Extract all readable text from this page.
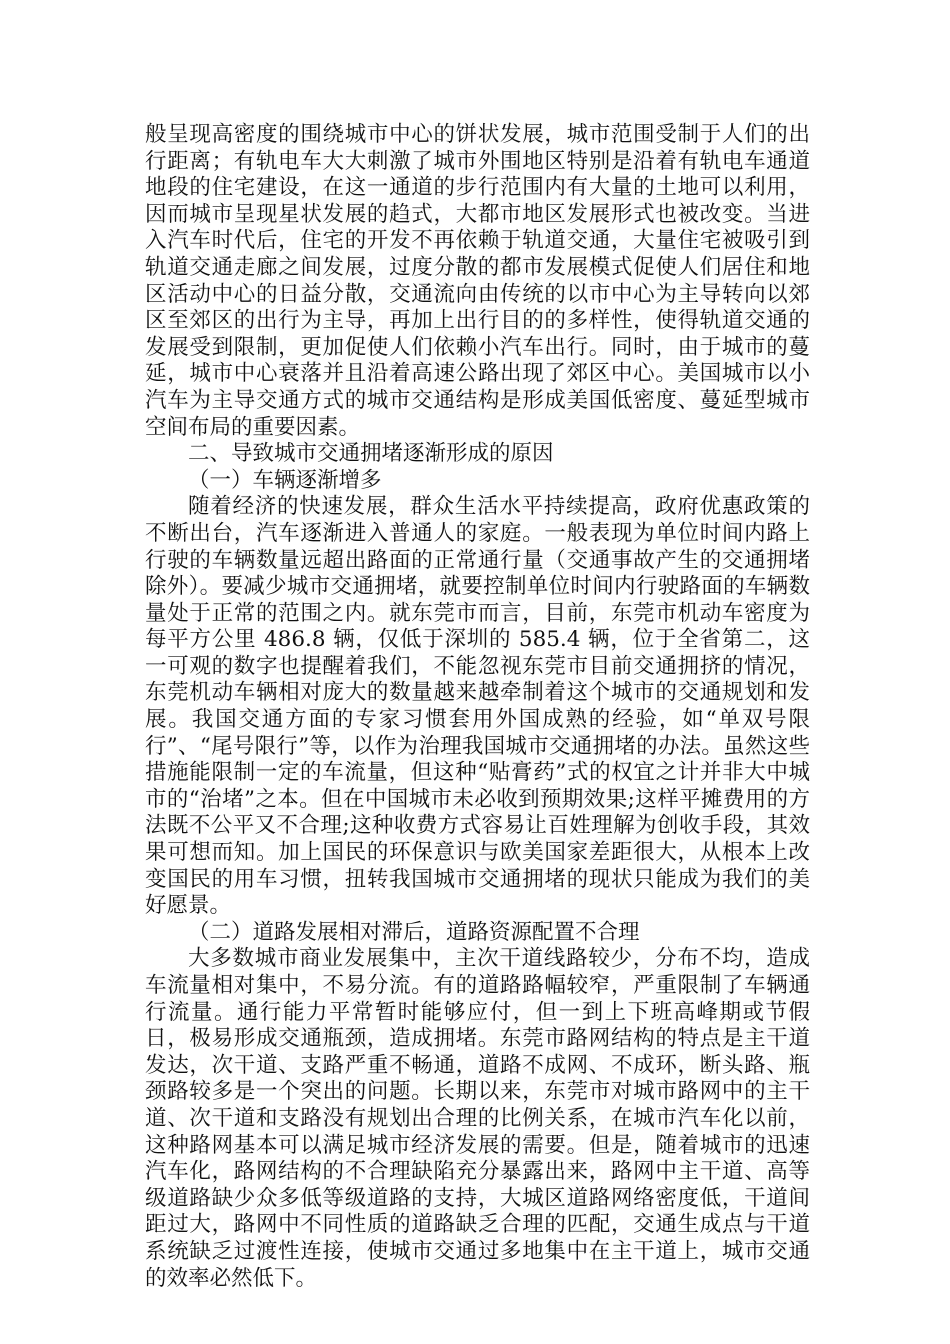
般呈现高密度的围绕城市中心的饼状发展，城市范围受制于人们的出行距离；有轨电车大大刺激了城市外围地区特别是沿着有轨电车通道地段的住宅建设，在这一通道的步行范围内有大量的土地可以利用，因而城市呈现星状发展的趋式，大都市地区发展形式也被改变。当进入汽车时代后，住宅的开发不再依赖于轨道交通，大量住宅被吸引到轨道交通走廊之间发展，过度分散的都市发展模式促使人们居住和地区活动中心的日益分散，交通流向由传统的以市中心为主导转向以郊区至郊区的出行为主导，再加上出行目的的多样性，使得轨道交通的发展受到限制，更加促使人们依赖小汽车出行。同时，由于城市的蔓延，城市中心衰落并且沿着高速公路出现了郊区中心。美国城市以小汽车为主导交通方式的城市交通结构是形成美国低密度、蔓延型城市空间布局的重要因素。

二、导致城市交通拥堵逐渐形成的原因

（一）车辆逐渐增多

随着经济的快速发展，群众生活水平持续提高，政府优惠政策的不断出台，汽车逐渐进入普通人的家庭。一般表现为单位时间内路上行驶的车辆数量远超出路面的正常通行量（交通事故产生的交通拥堵除外）。要减少城市交通拥堵，就要控制单位时间内行驶路面的车辆数量处于正常的范围之内。就东莞市而言，目前，东莞市机动车密度为每平方公里 486.8 辆，仅低于深圳的 585.4 辆，位于全省第二，这一可观的数字也提醒着我们，不能忽视东莞市目前交通拥挤的情况，东莞机动车辆相对庞大的数量越来越牵制着这个城市的交通规划和发展。我国交通方面的专家习惯套用外国成熟的经验，如“单双号限行”、“尾号限行”等，以作为治理我国城市交通拥堵的办法。虽然这些措施能限制一定的车流量，但这种“贴膏药”式的权宜之计并非大中城市的“治堵”之本。但在中国城市未必收到预期效果;这样平摊费用的方法既不公平又不合理;这种收费方式容易让百姓理解为创收手段，其效果可想而知。加上国民的环保意识与欧美国家差距很大，从根本上改变国民的用车习惯，扭转我国城市交通拥堵的现状只能成为我们的美好愿景。

（二）道路发展相对滞后，道路资源配置不合理

大多数城市商业发展集中，主次干道线路较少，分布不均，造成车流量相对集中，不易分流。有的道路路幅较窄，严重限制了车辆通行流量。通行能力平常暂时能够应付，但一到上下班高峰期或节假日，极易形成交通瓶颈，造成拥堵。东莞市路网结构的特点是主干道发达，次干道、支路严重不畅通，道路不成网、不成环，断头路、瓶颈路较多是一个突出的问题。长期以来，东莞市对城市路网中的主干道、次干道和支路没有规划出合理的比例关系，在城市汽车化以前，这种路网基本可以满足城市经济发展的需要。但是，随着城市的迅速汽车化，路网结构的不合理缺陷充分暴露出来，路网中主干道、高等级道路缺少众多低等级道路的支持，大城区道路网络密度低，干道间距过大，路网中不同性质的道路缺乏合理的匹配，交通生成点与干道系统缺乏过渡性连接，使城市交通过多地集中在主干道上，城市交通的效率必然低下。
